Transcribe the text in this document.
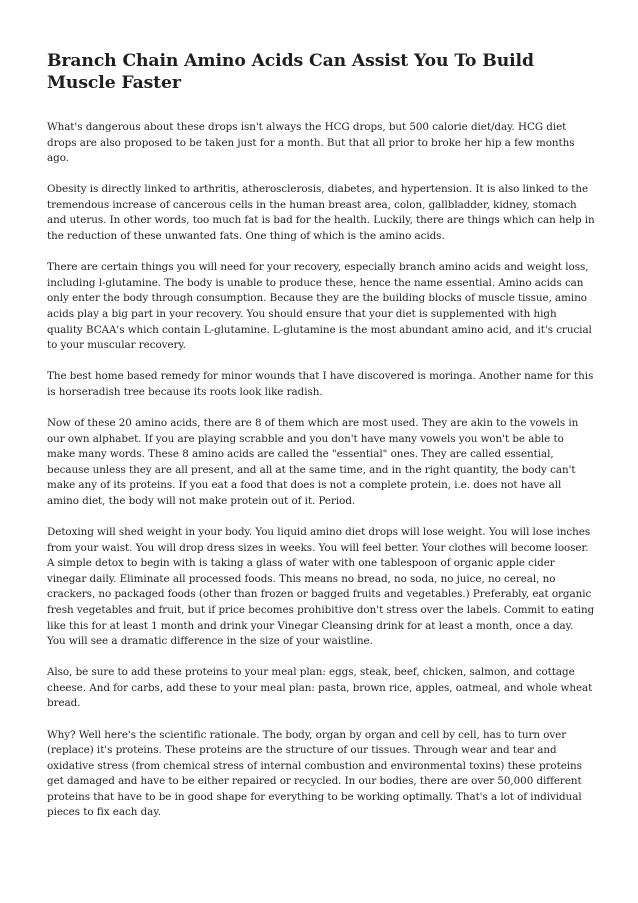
Branch Chain Amino Acids Can Assist You To Build Muscle Faster

What's dangerous about these drops isn't always the HCG drops, but 500 calorie diet/day. HCG diet drops are also proposed to be taken just for a month. But that all prior to broke her hip a few months ago.

Obesity is directly linked to arthritis, atherosclerosis, diabetes, and hypertension. It is also linked to the tremendous increase of cancerous cells in the human breast area, colon, gallbladder, kidney, stomach and uterus. In other words, too much fat is bad for the health. Luckily, there are things which can help in the reduction of these unwanted fats. One thing of which is the amino acids.

There are certain things you will need for your recovery, especially branch amino acids and weight loss, including l-glutamine. The body is unable to produce these, hence the name essential. Amino acids can only enter the body through consumption. Because they are the building blocks of muscle tissue, amino acids play a big part in your recovery. You should ensure that your diet is supplemented with high quality BCAA's which contain L-glutamine. L-glutamine is the most abundant amino acid, and it's crucial to your muscular recovery.

The best home based remedy for minor wounds that I have discovered is moringa. Another name for this is horseradish tree because its roots look like radish.

Now of these 20 amino acids, there are 8 of them which are most used. They are akin to the vowels in our own alphabet. If you are playing scrabble and you don't have many vowels you won't be able to make many words. These 8 amino acids are called the "essential" ones. They are called essential, because unless they are all present, and all at the same time, and in the right quantity, the body can't make any of its proteins. If you eat a food that does is not a complete protein, i.e. does not have all amino diet, the body will not make protein out of it. Period.

Detoxing will shed weight in your body. You liquid amino diet drops will lose weight. You will lose inches from your waist. You will drop dress sizes in weeks. You will feel better. Your clothes will become looser. A simple detox to begin with is taking a glass of water with one tablespoon of organic apple cider vinegar daily. Eliminate all processed foods. This means no bread, no soda, no juice, no cereal, no crackers, no packaged foods (other than frozen or bagged fruits and vegetables.) Preferably, eat organic fresh vegetables and fruit, but if price becomes prohibitive don't stress over the labels. Commit to eating like this for at least 1 month and drink your Vinegar Cleansing drink for at least a month, once a day. You will see a dramatic difference in the size of your waistline.

Also, be sure to add these proteins to your meal plan: eggs, steak, beef, chicken, salmon, and cottage cheese. And for carbs, add these to your meal plan: pasta, brown rice, apples, oatmeal, and whole wheat bread.

Why? Well here's the scientific rationale. The body, organ by organ and cell by cell, has to turn over (replace) it's proteins. These proteins are the structure of our tissues. Through wear and tear and oxidative stress (from chemical stress of internal combustion and environmental toxins) these proteins get damaged and have to be either repaired or recycled. In our bodies, there are over 50,000 different proteins that have to be in good shape for everything to be working optimally. That's a lot of individual pieces to fix each day.
